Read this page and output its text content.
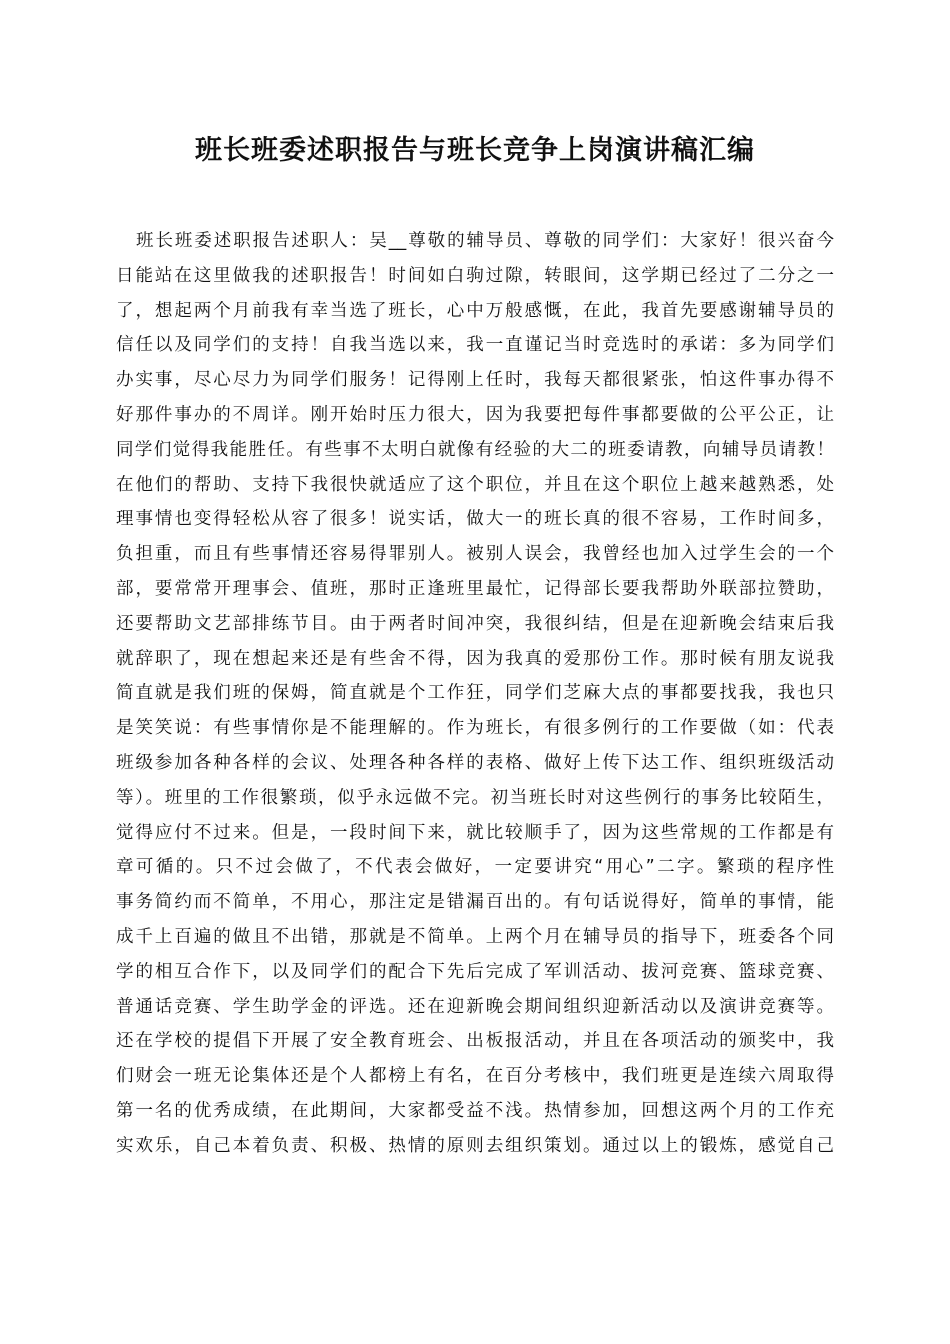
班长班委述职报告与班长竞争上岗演讲稿汇编
班长班委述职报告述职人：吴__尊敬的辅导员、尊敬的同学们：大家好！很兴奋今
日能站在这里做我的述职报告！时间如白驹过隙，转眼间，这学期已经过了二分之一
了，想起两个月前我有幸当选了班长，心中万般感慨，在此，我首先要感谢辅导员的
信任以及同学们的支持！自我当选以来，我一直谨记当时竞选时的承诺：多为同学们
办实事，尽心尽力为同学们服务！记得刚上任时，我每天都很紧张，怕这件事办得不
好那件事办的不周详。刚开始时压力很大，因为我要把每件事都要做的公平公正，让
同学们觉得我能胜任。有些事不太明白就像有经验的大二的班委请教，向辅导员请教！
在他们的帮助、支持下我很快就适应了这个职位，并且在这个职位上越来越熟悉，处
理事情也变得轻松从容了很多！说实话，做大一的班长真的很不容易，工作时间多，
负担重，而且有些事情还容易得罪别人。被别人误会，我曾经也加入过学生会的一个
部，要常常开理事会、值班，那时正逢班里最忙，记得部长要我帮助外联部拉赞助，
还要帮助文艺部排练节目。由于两者时间冲突，我很纠结，但是在迎新晚会结束后我
就辞职了，现在想起来还是有些舍不得，因为我真的爱那份工作。那时候有朋友说我
简直就是我们班的保姆，简直就是个工作狂，同学们芝麻大点的事都要找我，我也只
是笑笑说：有些事情你是不能理解的。作为班长，有很多例行的工作要做（如：代表
班级参加各种各样的会议、处理各种各样的表格、做好上传下达工作、组织班级活动
等）。班里的工作很繁琐，似乎永远做不完。初当班长时对这些例行的事务比较陌生，
觉得应付不过来。但是，一段时间下来，就比较顺手了，因为这些常规的工作都是有
章可循的。只不过会做了，不代表会做好，一定要讲究“用心”二字。繁琐的程序性
事务简约而不简单，不用心，那注定是错漏百出的。有句话说得好，简单的事情，能
成千上百遍的做且不出错，那就是不简单。上两个月在辅导员的指导下，班委各个同
学的相互合作下，以及同学们的配合下先后完成了军训活动、拔河竞赛、篮球竞赛、
普通话竞赛、学生助学金的评选。还在迎新晚会期间组织迎新活动以及演讲竞赛等。
还在学校的提倡下开展了安全教育班会、出板报活动，并且在各项活动的颁奖中，我
们财会一班无论集体还是个人都榜上有名，在百分考核中，我们班更是连续六周取得
第一名的优秀成绩，在此期间，大家都受益不浅。热情参加，回想这两个月的工作充
实欢乐，自己本着负责、积极、热情的原则去组织策划。通过以上的锻炼，感觉自己
